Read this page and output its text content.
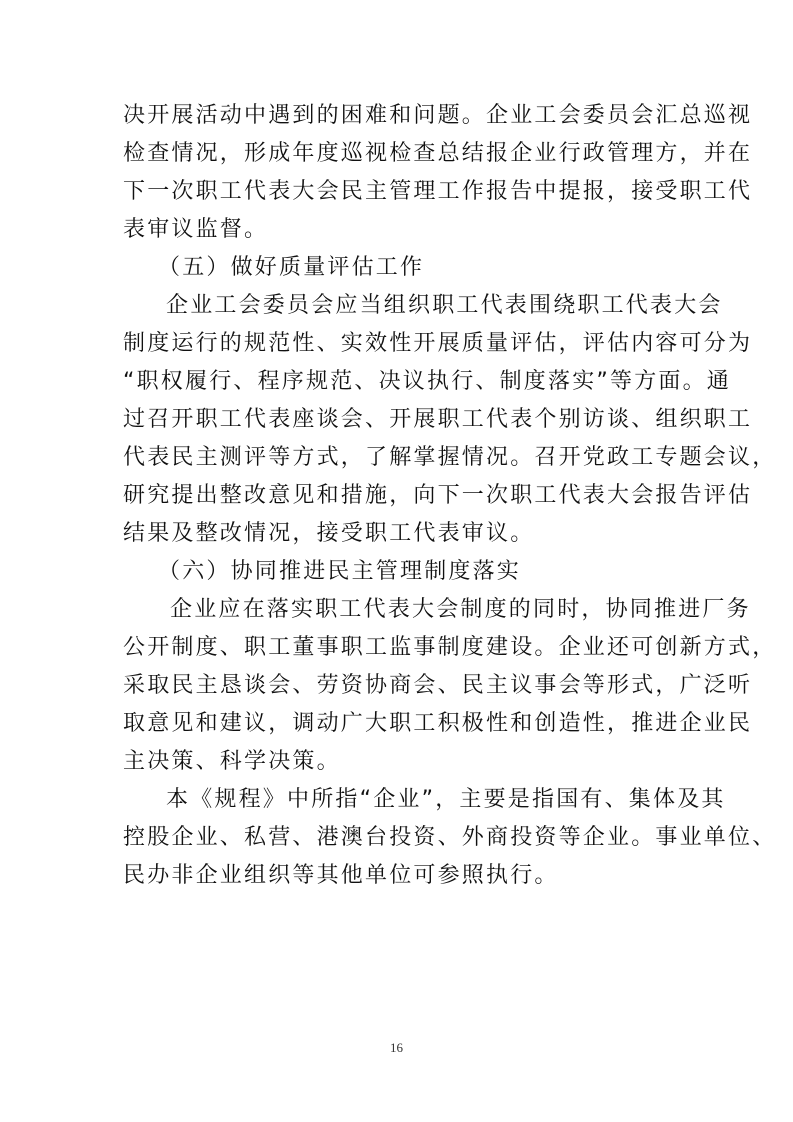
决开展活动中遇到的困难和问题。企业工会委员会汇总巡视
检查情况，形成年度巡视检查总结报企业行政管理方，并在
下一次职工代表大会民主管理工作报告中提报，接受职工代
表审议监督。
（五）做好质量评估工作
企业工会委员会应当组织职工代表围绕职工代表大会
制度运行的规范性、实效性开展质量评估，评估内容可分为
“职权履行、程序规范、决议执行、制度落实”等方面。通
过召开职工代表座谈会、开展职工代表个别访谈、组织职工
代表民主测评等方式，了解掌握情况。召开党政工专题会议，
研究提出整改意见和措施，向下一次职工代表大会报告评估
结果及整改情况，接受职工代表审议。
（六）协同推进民主管理制度落实
企业应在落实职工代表大会制度的同时，协同推进厂务
公开制度、职工董事职工监事制度建设。企业还可创新方式，
采取民主恳谈会、劳资协商会、民主议事会等形式，广泛听
取意见和建议，调动广大职工积极性和创造性，推进企业民
主决策、科学决策。
本《规程》中所指“企业”，主要是指国有、集体及其
控股企业、私营、港澳台投资、外商投资等企业。事业单位、
民办非企业组织等其他单位可参照执行。
16
